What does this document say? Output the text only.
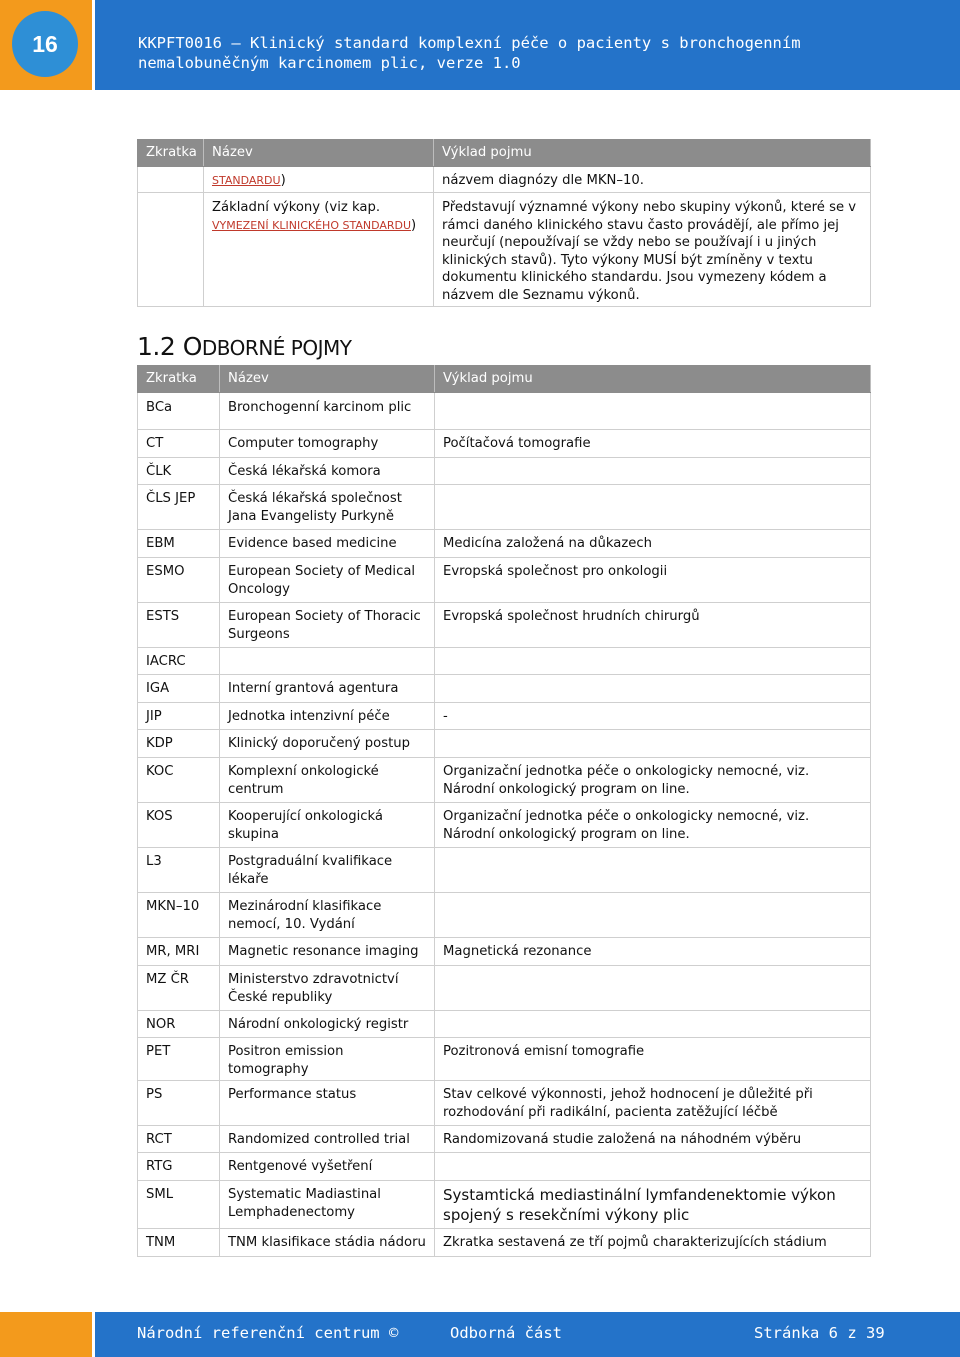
16	KKPFT0016 – Klinický standard komplexní péče o pacienty s bronchogenním
nemalobuněčným karcinomem plic, verze 1.0
Zkratka	Název	Výklad pojmu
	STANDARDU)	názvem diagnózy dle MKN–10.

	Základní výkony (viz kap.
VYMEZENÍ KLINICKÉHO STANDARDU)	Představují významné výkony nebo skupiny výkonů, které se v rámci daného klinického stavu často provádějí, ale přímo jej neurčují (nepoužívají se vždy nebo se používají i u jiných klinických stavů). Tyto výkony MUSÍ být zmíněny v textu dokumentu klinického standardu. Jsou vymezeny kódem a názvem dle Seznamu výkonů.
1.2 ODBORNÉ POJMY
Zkratka	Název	Výklad pojmu
BCa	Bronchogenní karcinom plic	
CT	Computer tomography	Počítačová tomografie
ČLK	Česká lékařská komora	
ČLS JEP	Česká lékařská společnost Jana Evangelisty Purkyně	
EBM	Evidence based medicine	Medicína založená na důkazech
ESMO	European Society of Medical Oncology	Evropská společnost pro onkologii
ESTS	European Society of Thoracic Surgeons	Evropská společnost hrudních chirurgů
IACRC		
IGA	Interní grantová agentura	
JIP	Jednotka intenzivní péče	-
KDP	Klinický doporučený postup	
KOC	Komplexní onkologické centrum	Organizační jednotka péče o onkologicky nemocné, viz. Národní onkologický program on line.
KOS	Kooperující onkologická skupina	Organizační jednotka péče o onkologicky nemocné, viz. Národní onkologický program on line.
L3	Postgraduální kvalifikace lékaře	
MKN–10	Mezinárodní klasifikace nemocí, 10. Vydání	
MR, MRI	Magnetic resonance imaging	Magnetická rezonance
MZ ČR	Ministerstvo zdravotnictví České republiky	
NOR	Národní onkologický registr	
PET	Positron emission tomography	Pozitronová emisní tomografie
PS	Performance status	Stav celkové výkonnosti, jehož hodnocení je důležité při rozhodování při radikální, pacienta zatěžující léčbě
RCT	Randomized controlled trial	Randomizovaná studie založená na náhodném výběru
RTG	Rentgenové vyšetření	
SML	Systematic Madiastinal Lemphadenectomy	Systamtická mediastinální lymfandenektomie výkon spojený s resekčními výkony plic
TNM	TNM klasifikace stádia nádoru	Zkratka sestavená ze tří pojmů charakterizujících stádium
Národní referenční centrum ©	Odborná část	Stránka 6 z 39
